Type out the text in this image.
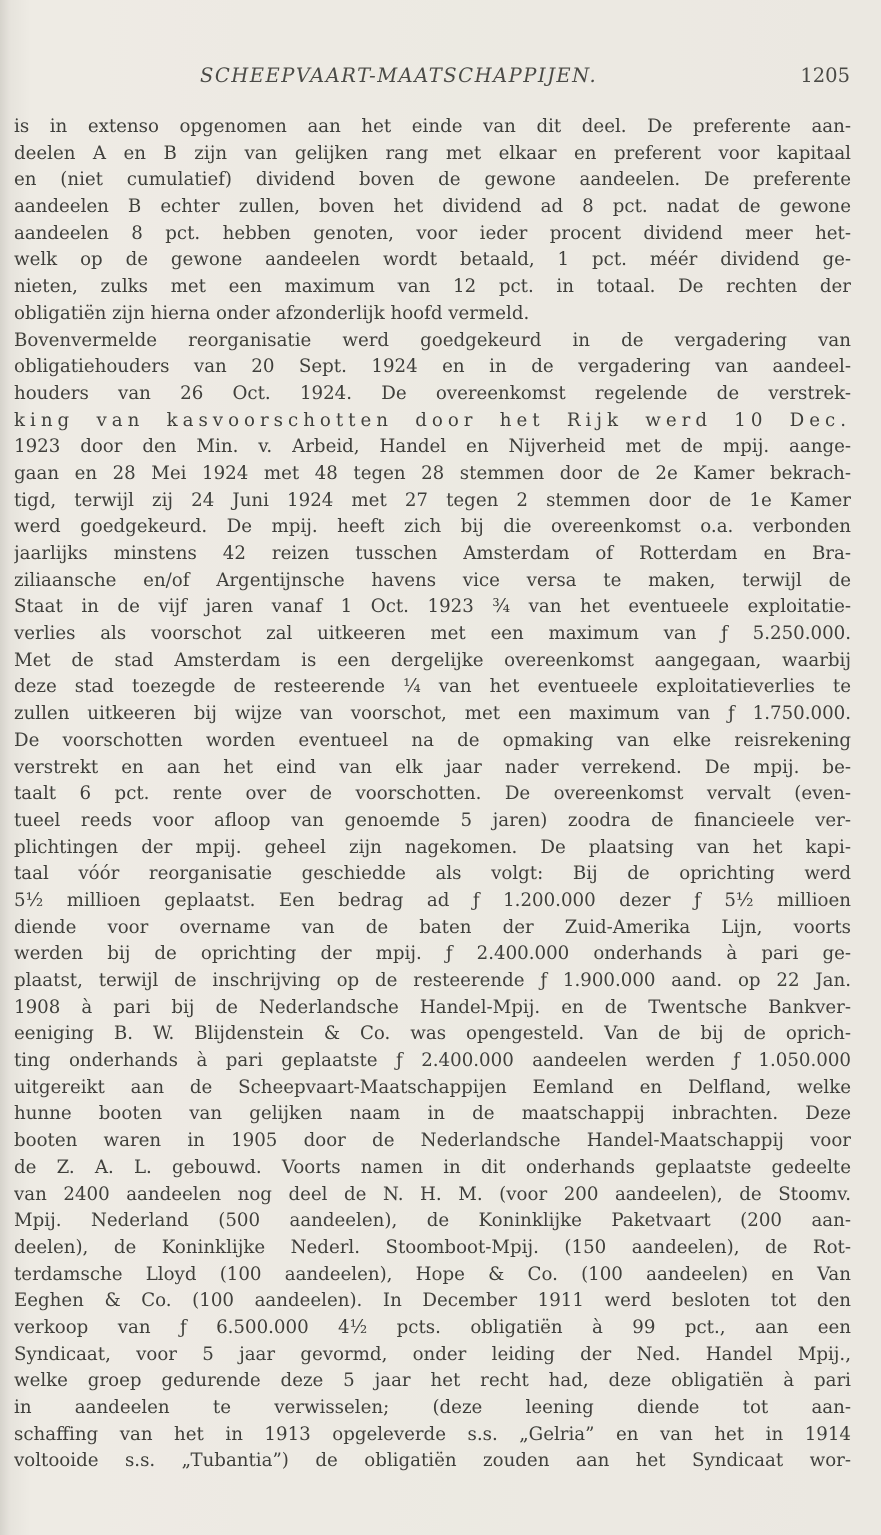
SCHEEPVAART-MAATSCHAPPIJEN.	1205
is in extenso opgenomen aan het einde van dit deel. De preferente aan-
deelen A en B zijn van gelijken rang met elkaar en preferent voor kapitaal
en (niet cumulatief) dividend boven de gewone aandeelen. De preferente
aandeelen B echter zullen, boven het dividend ad 8 pct. nadat de gewone
aandeelen 8 pct. hebben genoten, voor ieder procent dividend meer het-
welk op de gewone aandeelen wordt betaald, 1 pct. méér dividend ge-
nieten, zulks met een maximum van 12 pct. in totaal. De rechten der
obligatiën zijn hierna onder afzonderlijk hoofd vermeld.
Bovenvermelde reorganisatie werd goedgekeurd in de vergadering van
obligatiehouders van 20 Sept. 1924 en in de vergadering van aandeel-
houders van 26 Oct. 1924. De overeenkomst regelende de verstrek-
king van kasvoorschotten door het Rijk werd 10 Dec.
1923 door den Min. v. Arbeid, Handel en Nijverheid met de mpij. aange-
gaan en 28 Mei 1924 met 48 tegen 28 stemmen door de 2e Kamer bekrach-
tigd, terwijl zij 24 Juni 1924 met 27 tegen 2 stemmen door de 1e Kamer
werd goedgekeurd. De mpij. heeft zich bij die overeenkomst o.a. verbonden
jaarlijks minstens 42 reizen tusschen Amsterdam of Rotterdam en Bra-
ziliaansche en/of Argentijnsche havens vice versa te maken, terwijl de
Staat in de vijf jaren vanaf 1 Oct. 1923 ¾ van het eventueele exploitatie-
verlies als voorschot zal uitkeeren met een maximum van ƒ 5.250.000.
Met de stad Amsterdam is een dergelijke overeenkomst aangegaan, waarbij
deze stad toezegde de resteerende ¼ van het eventueele exploitatieverlies te
zullen uitkeeren bij wijze van voorschot, met een maximum van ƒ 1.750.000.
De voorschotten worden eventueel na de opmaking van elke reisrekening
verstrekt en aan het eind van elk jaar nader verrekend. De mpij. be-
taalt 6 pct. rente over de voorschotten. De overeenkomst vervalt (even-
tueel reeds voor afloop van genoemde 5 jaren) zoodra de financieele ver-
plichtingen der mpij. geheel zijn nagekomen. De plaatsing van het kapi-
taal vóór reorganisatie geschiedde als volgt: Bij de oprichting werd
5½ millioen geplaatst. Een bedrag ad ƒ 1.200.000 dezer ƒ 5½ millioen
diende voor overname van de baten der Zuid-Amerika Lijn, voorts
werden bij de oprichting der mpij. ƒ 2.400.000 onderhands à pari ge-
plaatst, terwijl de inschrijving op de resteerende ƒ 1.900.000 aand. op 22 Jan.
1908 à pari bij de Nederlandsche Handel-Mpij. en de Twentsche Bankver-
eeniging B. W. Blijdenstein & Co. was opengesteld. Van de bij de oprich-
ting onderhands à pari geplaatste ƒ 2.400.000 aandeelen werden ƒ 1.050.000
uitgereikt aan de Scheepvaart-Maatschappijen Eemland en Delfland, welke
hunne booten van gelijken naam in de maatschappij inbrachten. Deze
booten waren in 1905 door de Nederlandsche Handel-Maatschappij voor
de Z. A. L. gebouwd. Voorts namen in dit onderhands geplaatste gedeelte
van 2400 aandeelen nog deel de N. H. M. (voor 200 aandeelen), de Stoomv.
Mpij. Nederland (500 aandeelen), de Koninklijke Paketvaart (200 aan-
deelen), de Koninklijke Nederl. Stoomboot-Mpij. (150 aandeelen), de Rot-
terdamsche Lloyd (100 aandeelen), Hope & Co. (100 aandeelen) en Van
Eeghen & Co. (100 aandeelen). In December 1911 werd besloten tot den
verkoop van ƒ 6.500.000 4½ pcts. obligatiën à 99 pct., aan een
Syndicaat, voor 5 jaar gevormd, onder leiding der Ned. Handel Mpij.,
welke groep gedurende deze 5 jaar het recht had, deze obligatiën à pari
in aandeelen te verwisselen; (deze leening diende tot aan-
schaffing van het in 1913 opgeleverde s.s. „Gelria” en van het in 1914
voltooide s.s. „Tubantia”) de obligatiën zouden aan het Syndicaat wor-
